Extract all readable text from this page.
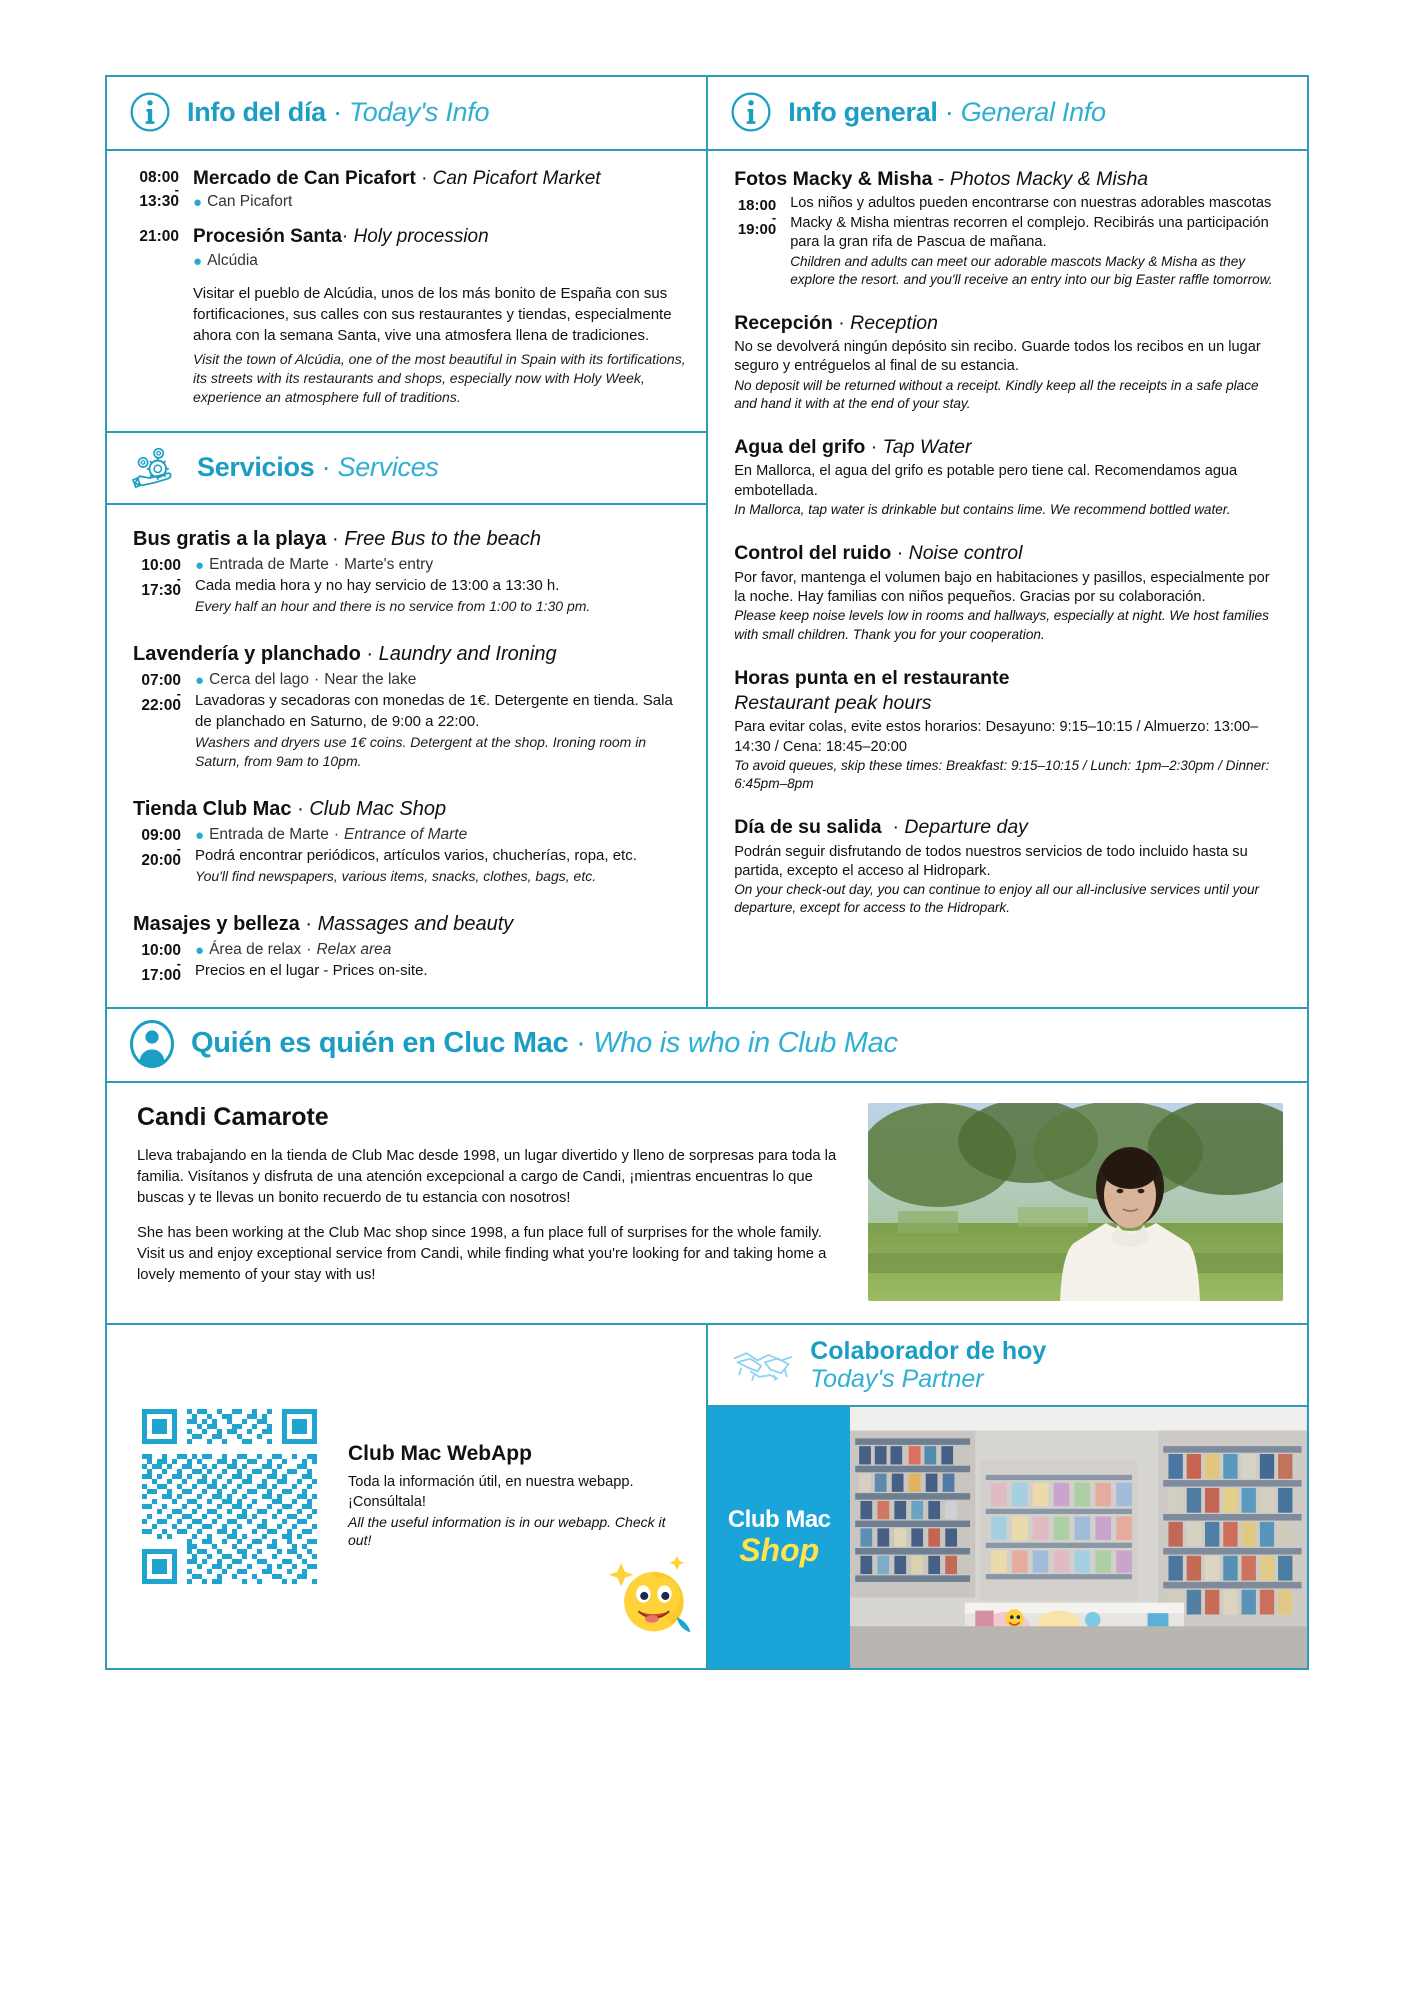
Info del día · Today's Info
08:00
-
13:30
Mercado de Can Picafort · Can Picafort Market
● Can Picafort
21:00 Procesión Santa· Holy procession
● Alcúdia
Visitar el pueblo de Alcúdia, unos de los más bonito de España con sus fortificaciones, sus calles con sus restaurantes y tiendas, especialmente ahora con la semana Santa, vive una atmosfera llena de tradiciones.
Visit the town of Alcúdia, one of the most beautiful in Spain with its fortifications, its streets with its restaurants and shops, especially now with Holy Week, experience an atmosphere full of traditions.
Servicios · Services
Bus gratis a la playa · Free Bus to the beach
10:00
-
17:30
● Entrada de Marte · Marte's entry
Cada media hora y no hay servicio de 13:00 a 13:30 h.
Every half an hour and there is no service from 1:00 to 1:30 pm.
Lavendería y planchado · Laundry and Ironing
07:00
-
22:00
● Cerca del lago · Near the lake
Lavadoras y secadoras con monedas de 1€. Detergente en tienda. Sala de planchado en Saturno, de 9:00 a 22:00.
Washers and dryers use 1€ coins. Detergent at the shop. Ironing room in Saturn, from 9am to 10pm.
Tienda Club Mac · Club Mac Shop
09:00
-
20:00
● Entrada de Marte · Entrance of Marte
Podrá encontrar periódicos, artículos varios, chucherías, ropa, etc.
You'll find newspapers, various items, snacks, clothes, bags, etc.
Masajes y belleza · Massages and beauty
10:00
-
17:00
● Área de relax · Relax area
Precios en el lugar - Prices on-site.
Info general · General Info
Fotos Macky & Misha - Photos Macky & Misha
18:00
-
19:00
Los niños y adultos pueden encontrarse con nuestras adorables mascotas Macky & Misha mientras recorren el complejo. Recibirás una participación para la gran rifa de Pascua de mañana.
Children and adults can meet our adorable mascots Macky & Misha as they explore the resort. and you'll receive an entry into our big Easter raffle tomorrow.
Recepción · Reception
No se devolverá ningún depósito sin recibo. Guarde todos los recibos en un lugar seguro y entréguelos al final de su estancia.
No deposit will be returned without a receipt. Kindly keep all the receipts in a safe place and hand it with at the end of your stay.
Agua del grifo · Tap Water
En Mallorca, el agua del grifo es potable pero tiene cal. Recomendamos agua embotellada.
In Mallorca, tap water is drinkable but contains lime. We recommend bottled water.
Control del ruido · Noise control
Por favor, mantenga el volumen bajo en habitaciones y pasillos, especialmente por la noche. Hay familias con niños pequeños. Gracias por su colaboración.
Please keep noise levels low in rooms and hallways, especially at night. We host families with small children. Thank you for your cooperation.
Horas punta en el restaurante
Restaurant peak hours
Para evitar colas, evite estos horarios: Desayuno: 9:15–10:15 / Almuerzo: 13:00–14:30 / Cena: 18:45–20:00
To avoid queues, skip these times: Breakfast: 9:15–10:15 / Lunch: 1pm–2:30pm / Dinner: 6:45pm–8pm
Día de su salida · Departure day
Podrán seguir disfrutando de todos nuestros servicios de todo incluido hasta su partida, excepto el acceso al Hidropark.
On your check-out day, you can continue to enjoy all our all-inclusive services until your departure, except for access to the Hidropark.
Quién es quién en Cluc Mac · Who is who in Club Mac
Candi Camarote
Lleva trabajando en la tienda de Club Mac desde 1998, un lugar divertido y lleno de sorpresas para toda la familia. Visítanos y disfruta de una atención excepcional a cargo de Candi, ¡mientras encuentras lo que buscas y te llevas un bonito recuerdo de tu estancia con nosotros!
She has been working at the Club Mac shop since 1998, a fun place full of surprises for the whole family. Visit us and enjoy exceptional service from Candi, while finding what you're looking for and taking home a lovely memento of your stay with us!
Club Mac WebApp
Toda la información útil, en nuestra webapp. ¡Consúltala!
All the useful information is in our webapp. Check it out!
Colaborador de hoy
Today's Partner
Club Mac
Shop
